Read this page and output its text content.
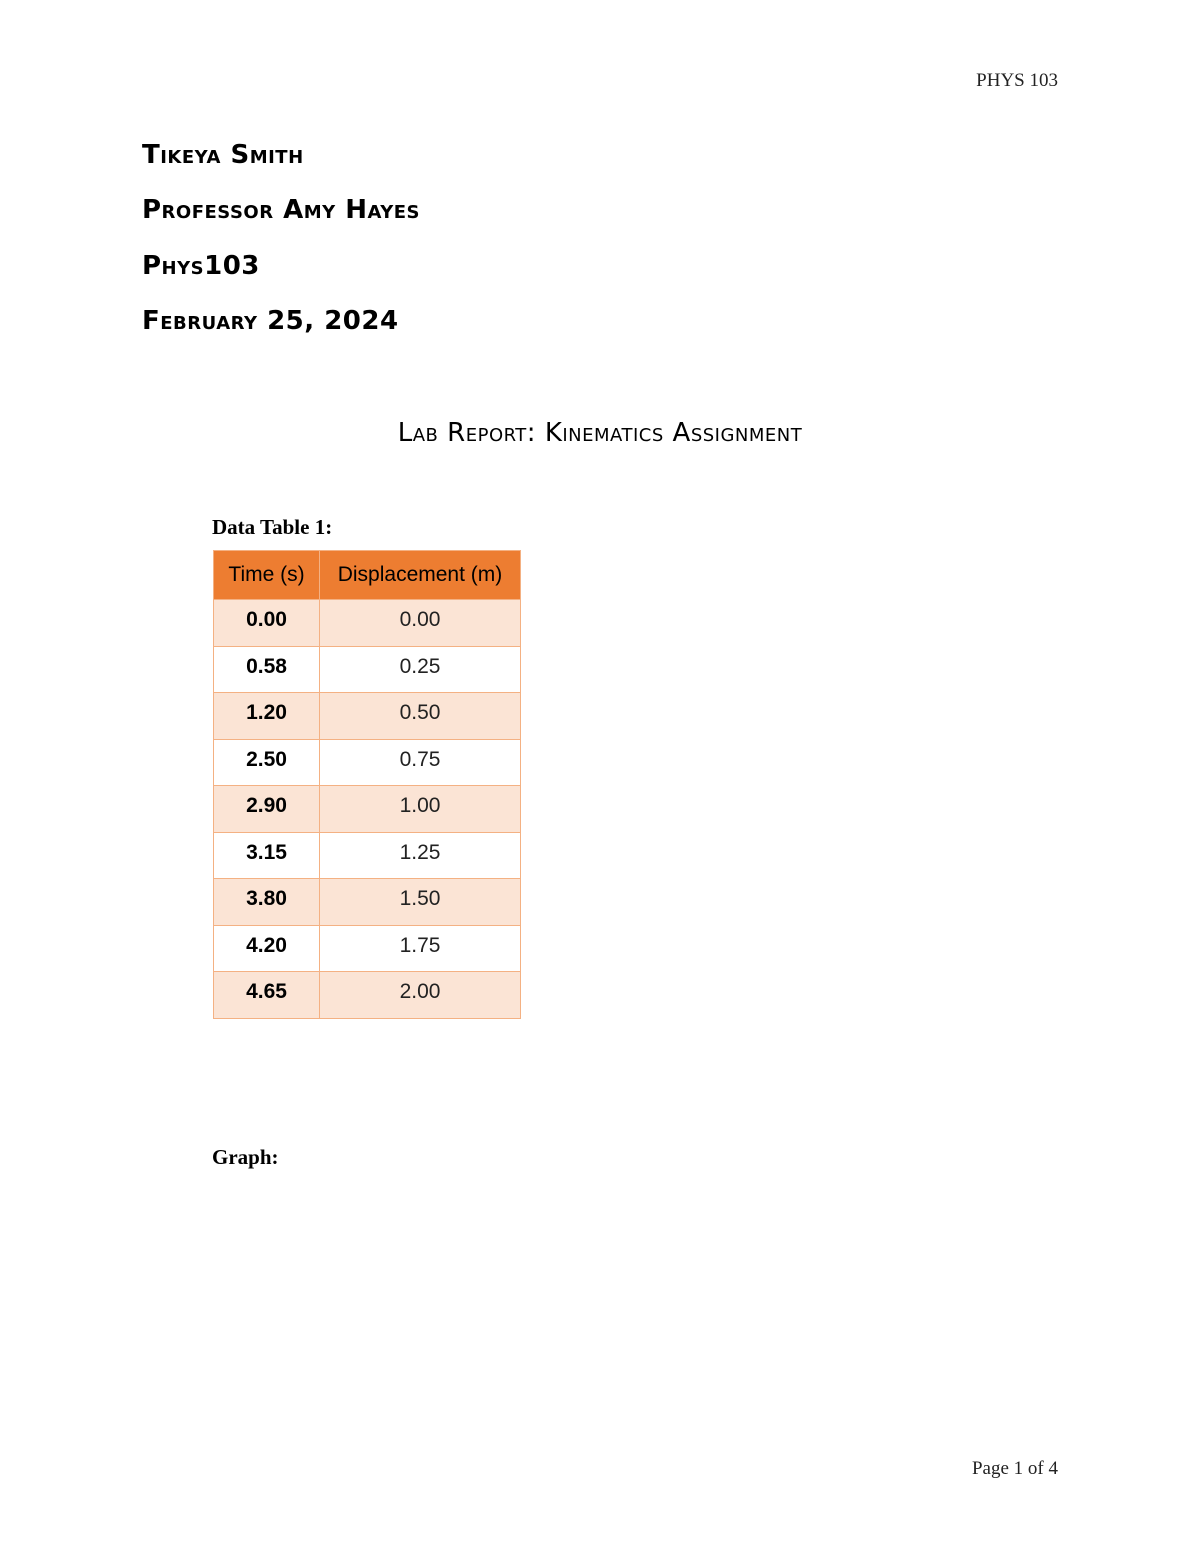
PHYS 103
Tikeya Smith
Professor Amy Hayes
Phys103
February 25, 2024
Lab Report: Kinematics Assignment
Data Table 1:
Time (s)	Displacement (m)
0.00	0.00
0.58	0.25
1.20	0.50
2.50	0.75
2.90	1.00
3.15	1.25
3.80	1.50
4.20	1.75
4.65	2.00
Graph:
Page 1 of 4
